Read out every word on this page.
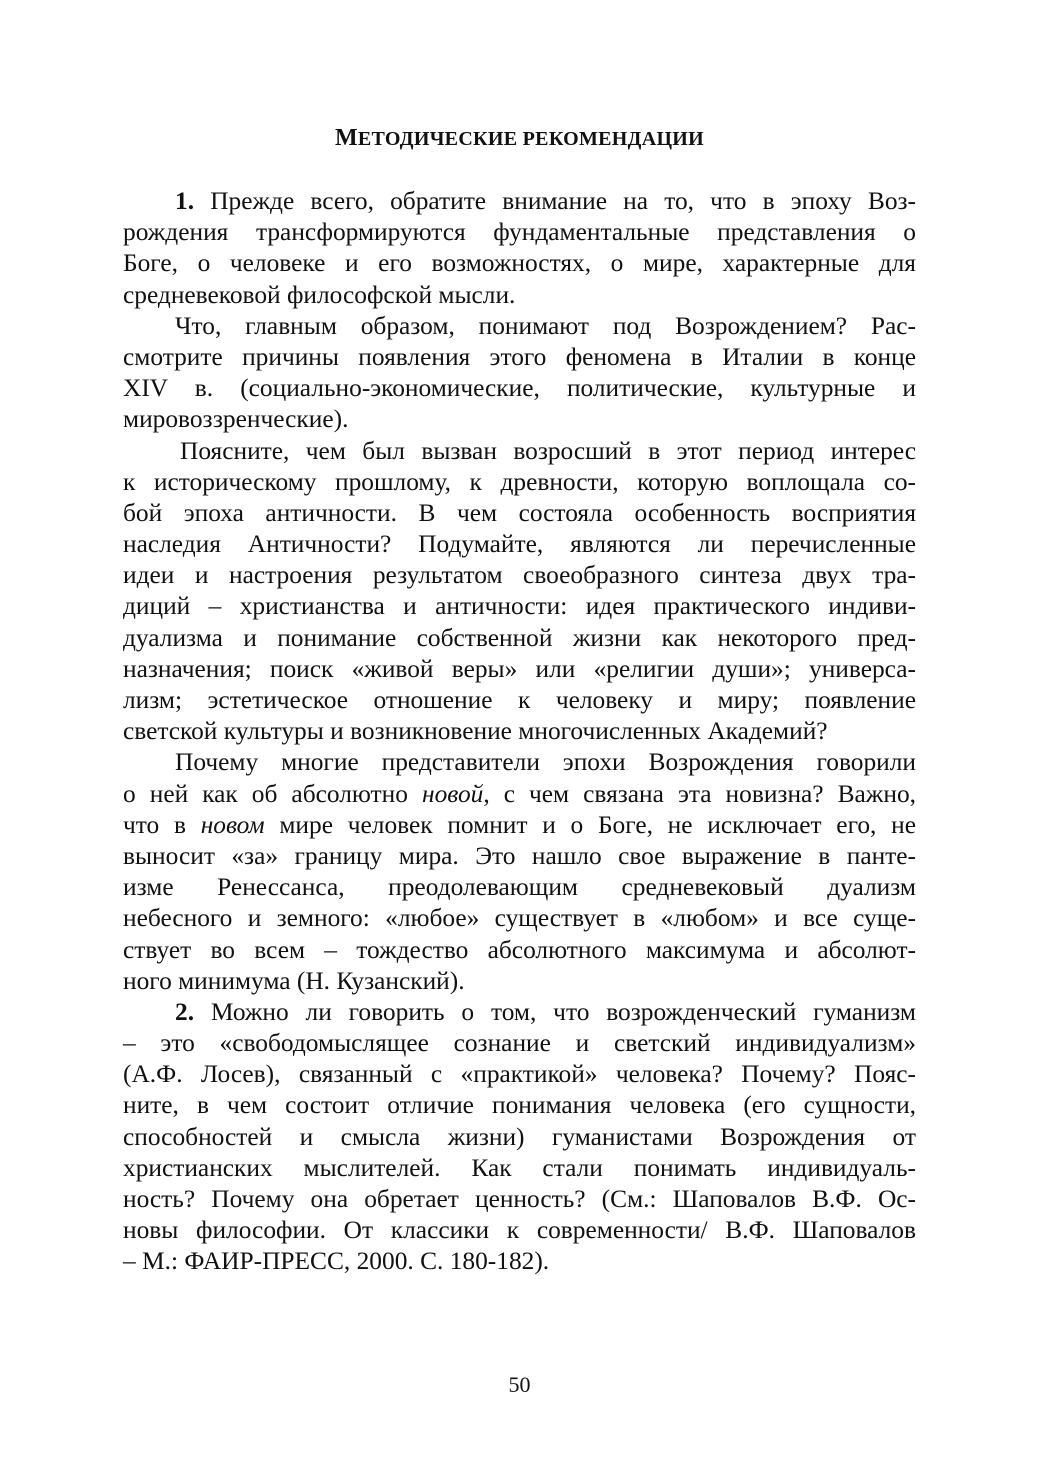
МЕТОДИЧЕСКИЕ РЕКОМЕНДАЦИИ
1. Прежде всего, обратите внимание на то, что в эпоху Воз-
рождения трансформируются фундаментальные представления о
Боге, о человеке и его возможностях, о мире, характерные для
средневековой философской мысли.
Что, главным образом, понимают под Возрождением? Рас-
смотрите причины появления этого феномена в Италии в конце
XIV в. (социально-экономические, политические, культурные и
мировоззренческие).
Поясните, чем был вызван возросший в этот период интерес
к историческому прошлому, к древности, которую воплощала со-
бой эпоха античности. В чем состояла особенность восприятия
наследия Античности? Подумайте, являются ли перечисленные
идеи и настроения результатом своеобразного синтеза двух тра-
диций – христианства и античности: идея практического индиви-
дуализма и понимание собственной жизни как некоторого пред-
назначения; поиск «живой веры» или «религии души»; универса-
лизм; эстетическое отношение к человеку и миру; появление
светской культуры и возникновение многочисленных Академий?
Почему многие представители эпохи Возрождения говорили
о ней как об абсолютно новой, с чем связана эта новизна? Важно,
что в новом мире человек помнит и о Боге, не исключает его, не
выносит «за» границу мира. Это нашло свое выражение в панте-
изме Ренессанса, преодолевающим средневековый дуализм
небесного и земного: «любое» существует в «любом» и все суще-
ствует во всем – тождество абсолютного максимума и абсолют-
ного минимума (Н. Кузанский).
2. Можно ли говорить о том, что возрожденческий гуманизм
– это «свободомыслящее сознание и светский индивидуализм»
(А.Ф. Лосев), связанный с «практикой» человека? Почему? Пояс-
ните, в чем состоит отличие понимания человека (его сущности,
способностей и смысла жизни) гуманистами Возрождения от
христианских мыслителей. Как стали понимать индивидуаль-
ность? Почему она обретает ценность? (См.: Шаповалов В.Ф. Ос-
новы философии. От классики к современности/ В.Ф. Шаповалов
– М.: ФАИР-ПРЕСС, 2000. С. 180-182).
50
